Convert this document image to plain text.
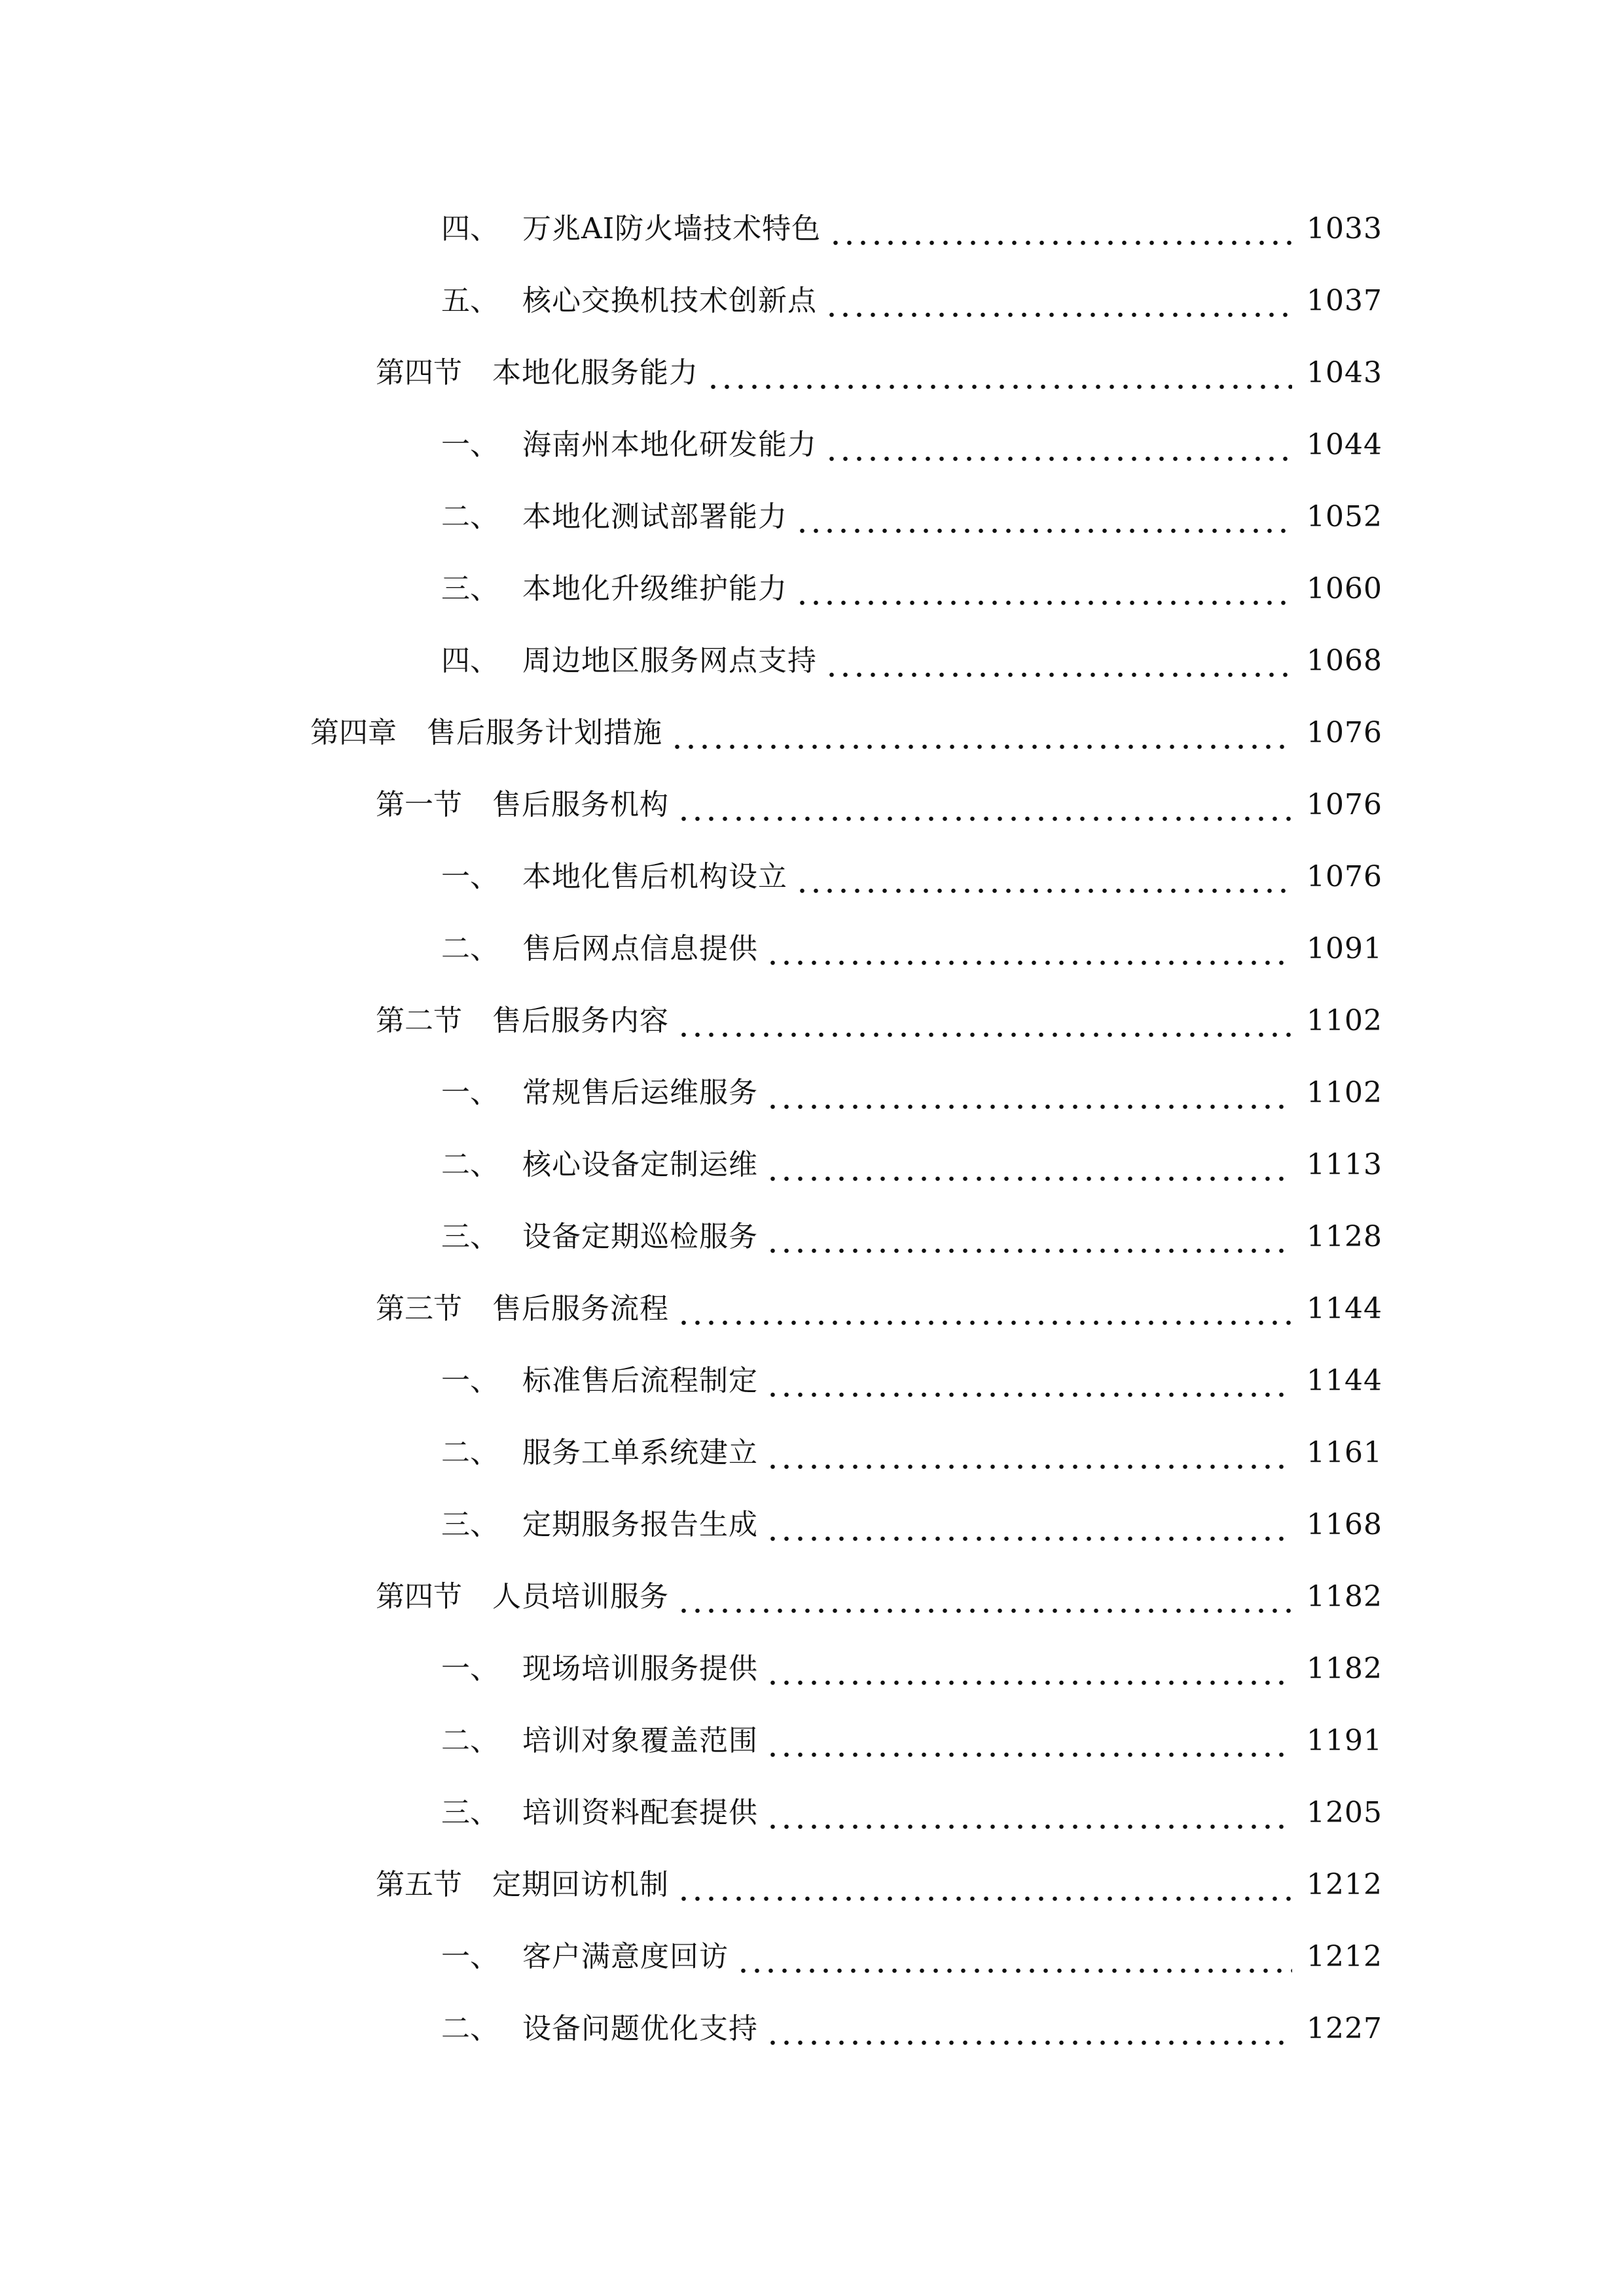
四、 万兆AI防火墙技术特色	1033
五、 核心交换机技术创新点	1037
第四节	本地化服务能力	1043
一、 海南州本地化研发能力	1044
二、 本地化测试部署能力	1052
三、 本地化升级维护能力	1060
四、 周边地区服务网点支持	1068
第四章	售后服务计划措施	1076
第一节	售后服务机构	1076
一、 本地化售后机构设立	1076
二、 售后网点信息提供	1091
第二节	售后服务内容	1102
一、 常规售后运维服务	1102
二、 核心设备定制运维	1113
三、 设备定期巡检服务	1128
第三节	售后服务流程	1144
一、 标准售后流程制定	1144
二、 服务工单系统建立	1161
三、 定期服务报告生成	1168
第四节	人员培训服务	1182
一、 现场培训服务提供	1182
二、 培训对象覆盖范围	1191
三、 培训资料配套提供	1205
第五节	定期回访机制	1212
一、 客户满意度回访	1212
二、 设备问题优化支持	1227
